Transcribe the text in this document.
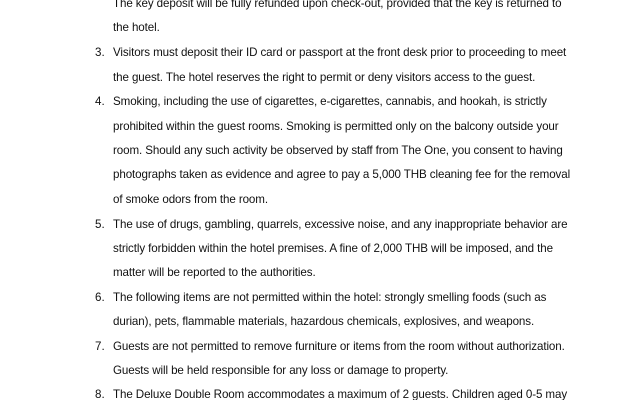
The key deposit will be fully refunded upon check-out, provided that the key is returned to
the hotel.
3. Visitors must deposit their ID card or passport at the front desk prior to proceeding to meet
the guest. The hotel reserves the right to permit or deny visitors access to the guest.
4. Smoking, including the use of cigarettes, e-cigarettes, cannabis, and hookah, is strictly
prohibited within the guest rooms. Smoking is permitted only on the balcony outside your
room. Should any such activity be observed by staff from The One, you consent to having
photographs taken as evidence and agree to pay a 5,000 THB cleaning fee for the removal
of smoke odors from the room.
5. The use of drugs, gambling, quarrels, excessive noise, and any inappropriate behavior are
strictly forbidden within the hotel premises. A fine of 2,000 THB will be imposed, and the
matter will be reported to the authorities.
6. The following items are not permitted within the hotel: strongly smelling foods (such as
durian), pets, flammable materials, hazardous chemicals, explosives, and weapons.
7. Guests are not permitted to remove furniture or items from the room without authorization.
Guests will be held responsible for any loss or damage to property.
8. The Deluxe Double Room accommodates a maximum of 2 guests. Children aged 0-5 may
